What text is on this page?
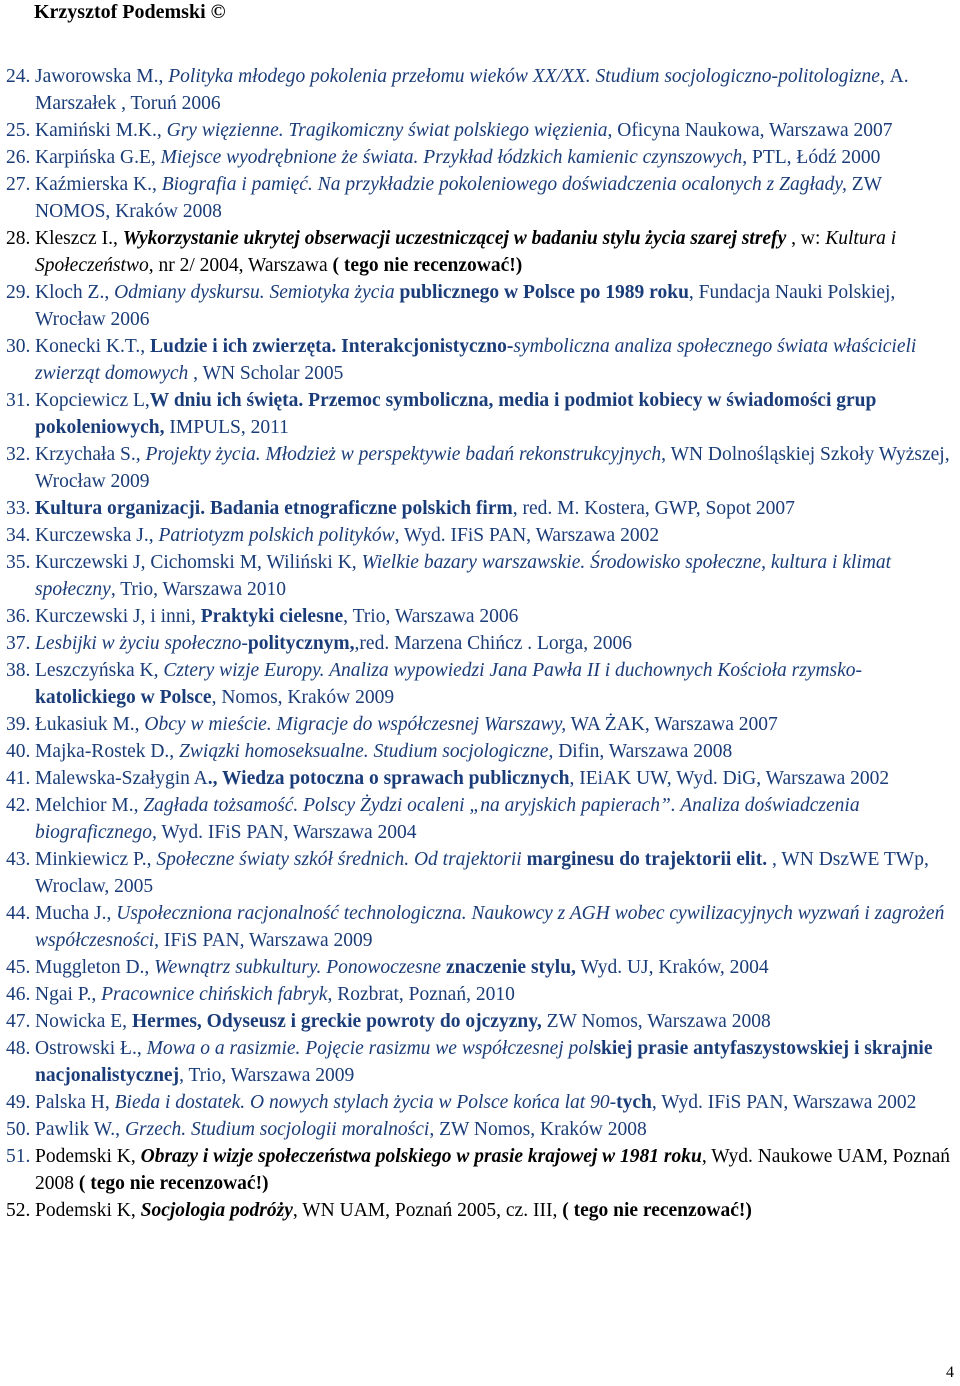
Krzysztof Podemski ©
24. Jaworowska M., Polityka młodego pokolenia przełomu wieków XX/XX. Studium socjologiczno-politologizne, A. Marszałek , Toruń 2006
25. Kamiński M.K., Gry więzienne. Tragikomiczny świat polskiego więzienia, Oficyna Naukowa, Warszawa 2007
26. Karpińska G.E, Miejsce wyodrębnione że świata. Przykład łódzkich kamienic czynszowych, PTL, Łódź 2000
27. Kaźmierska K., Biografia i pamięć. Na przykładzie pokoleniowego doświadczenia ocalonych z Zagłady, ZW NOMOS, Kraków 2008
28. Kleszcz I., Wykorzystanie ukrytej obserwacji uczestniczącej w badaniu stylu życia szarej strefy , w: Kultura i Społeczeństwo, nr 2/ 2004, Warszawa ( tego nie recenzować!)
29. Kloch Z., Odmiany dyskursu. Semiotyka życia publicznego w Polsce po 1989 roku, Fundacja Nauki Polskiej, Wrocław 2006
30. Konecki K.T., Ludzie i ich zwierzęta. Interakcjonistyczno-symboliczna analiza społecznego świata właścicieli zwierząt domowych , WN Scholar 2005
31. Kopciewicz L,W dniu ich święta. Przemoc symboliczna, media i podmiot kobiecy w świadomości grup pokoleniowych, IMPULS, 2011
32. Krzychała S., Projekty życia. Młodzież w perspektywie badań rekonstrukcyjnych, WN Dolnośląskiej Szkoły Wyższej, Wrocław 2009
33. Kultura organizacji. Badania etnograficzne polskich firm, red. M. Kostera, GWP, Sopot 2007
34. Kurczewska J., Patriotyzm polskich polityków, Wyd. IFiS PAN, Warszawa 2002
35. Kurczewski J, Cichomski M, Wiliński K, Wielkie bazary warszawskie. Środowisko społeczne, kultura i klimat społeczny, Trio, Warszawa 2010
36. Kurczewski J, i inni, Praktyki cielesne, Trio, Warszawa 2006
37. Lesbijki w życiu społeczno-politycznym,,red. Marzena Chińcz . Lorga, 2006
38. Leszczyńska K, Cztery wizje Europy. Analiza wypowiedzi Jana Pawła II i duchownych Kościoła rzymsko-katolickiego w Polsce, Nomos, Kraków 2009
39. Łukasiuk M., Obcy w mieście. Migracje do współczesnej Warszawy, WA ŻAK, Warszawa 2007
40. Majka-Rostek D., Związki homoseksualne. Studium socjologiczne, Difin, Warszawa 2008
41. Malewska-Szałygin A., Wiedza potoczna o sprawach publicznych, IEiAK UW, Wyd. DiG, Warszawa 2002
42. Melchior M., Zagłada tożsamość. Polscy Żydzi ocaleni „na aryjskich papierach”. Analiza doświadczenia biograficznego, Wyd. IFiS PAN, Warszawa 2004
43. Minkiewicz P., Społeczne światy szkół średnich. Od trajektorii marginesu do trajektorii elit. , WN DszWE TWp, Wroclaw, 2005
44. Mucha J., Uspołeczniona racjonalność technologiczna. Naukowcy z AGH wobec cywilizacyjnych wyzwań i zagrożeń współczesności, IFiS PAN, Warszawa 2009
45. Muggleton D., Wewnątrz subkultury. Ponowoczesne znaczenie stylu, Wyd. UJ, Kraków, 2004
46. Ngai P., Pracownice chińskich fabryk, Rozbrat, Poznań, 2010
47. Nowicka E, Hermes, Odyseusz i greckie powroty do ojczyzny, ZW Nomos, Warszawa 2008
48. Ostrowski Ł., Mowa o a rasizmie. Pojęcie rasizmu we współczesnej polskiej prasie antyfaszystowskiej i skrajnie nacjonalistycznej, Trio, Warszawa 2009
49. Palska H, Bieda i dostatek. O nowych stylach życia w Polsce końca lat 90-tych, Wyd. IFiS PAN, Warszawa 2002
50. Pawlik W., Grzech. Studium socjologii moralności, ZW Nomos, Kraków 2008
51. Podemski K, Obrazy i wizje społeczeństwa polskiego w prasie krajowej w 1981 roku, Wyd. Naukowe UAM, Poznań 2008 ( tego nie recenzować!)
52. Podemski K, Socjologia podróży, WN UAM, Poznań 2005, cz. III, ( tego nie recenzować!)
4
